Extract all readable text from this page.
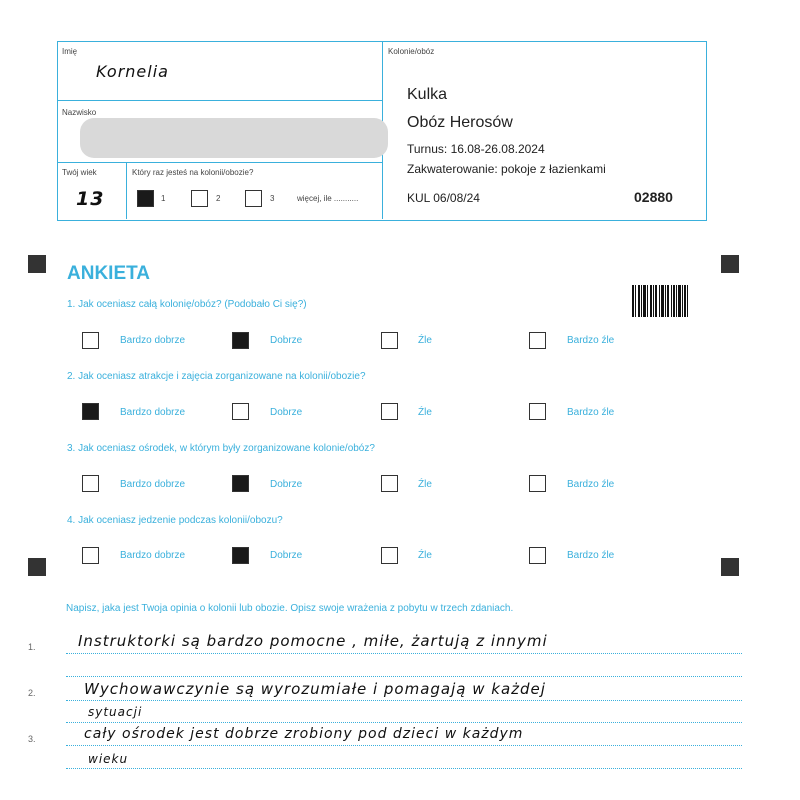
Imię
Kornelia
Nazwisko
Twój wiek
13
Który raz jesteś na kolonii/obozie?
1	2	3	więcej, ile ...........
Kolonie/obóz
Kulka
Obóz Herosów
Turnus: 16.08-26.08.2024
Zakwaterowanie: pokoje z łazienkami
KUL 06/08/24	02880
ANKIETA
1. Jak oceniasz całą kolonię/obóz? (Podobało Ci się?)
Bardzo dobrze	Dobrze	Źle	Bardzo źle
2. Jak oceniasz atrakcje i zajęcia zorganizowane na kolonii/obozie?
Bardzo dobrze	Dobrze	Źle	Bardzo źle
3. Jak oceniasz ośrodek, w którym były zorganizowane kolonie/obóz?
Bardzo dobrze	Dobrze	Źle	Bardzo źle
4. Jak oceniasz jedzenie podczas kolonii/obozu?
Bardzo dobrze	Dobrze	Źle	Bardzo źle
Napisz, jaka jest Twoja opinia o kolonii lub obozie. Opisz swoje wrażenia z pobytu w trzech zdaniach.
1.
2.
3.
Instruktorki są bardzo pomocne , miłe, żartują z innymi
Wychowawczynie są wyrozumiałe i pomagają w każdej
sytuacji
cały ośrodek jest dobrze zrobiony pod dzieci w każdym
wieku
